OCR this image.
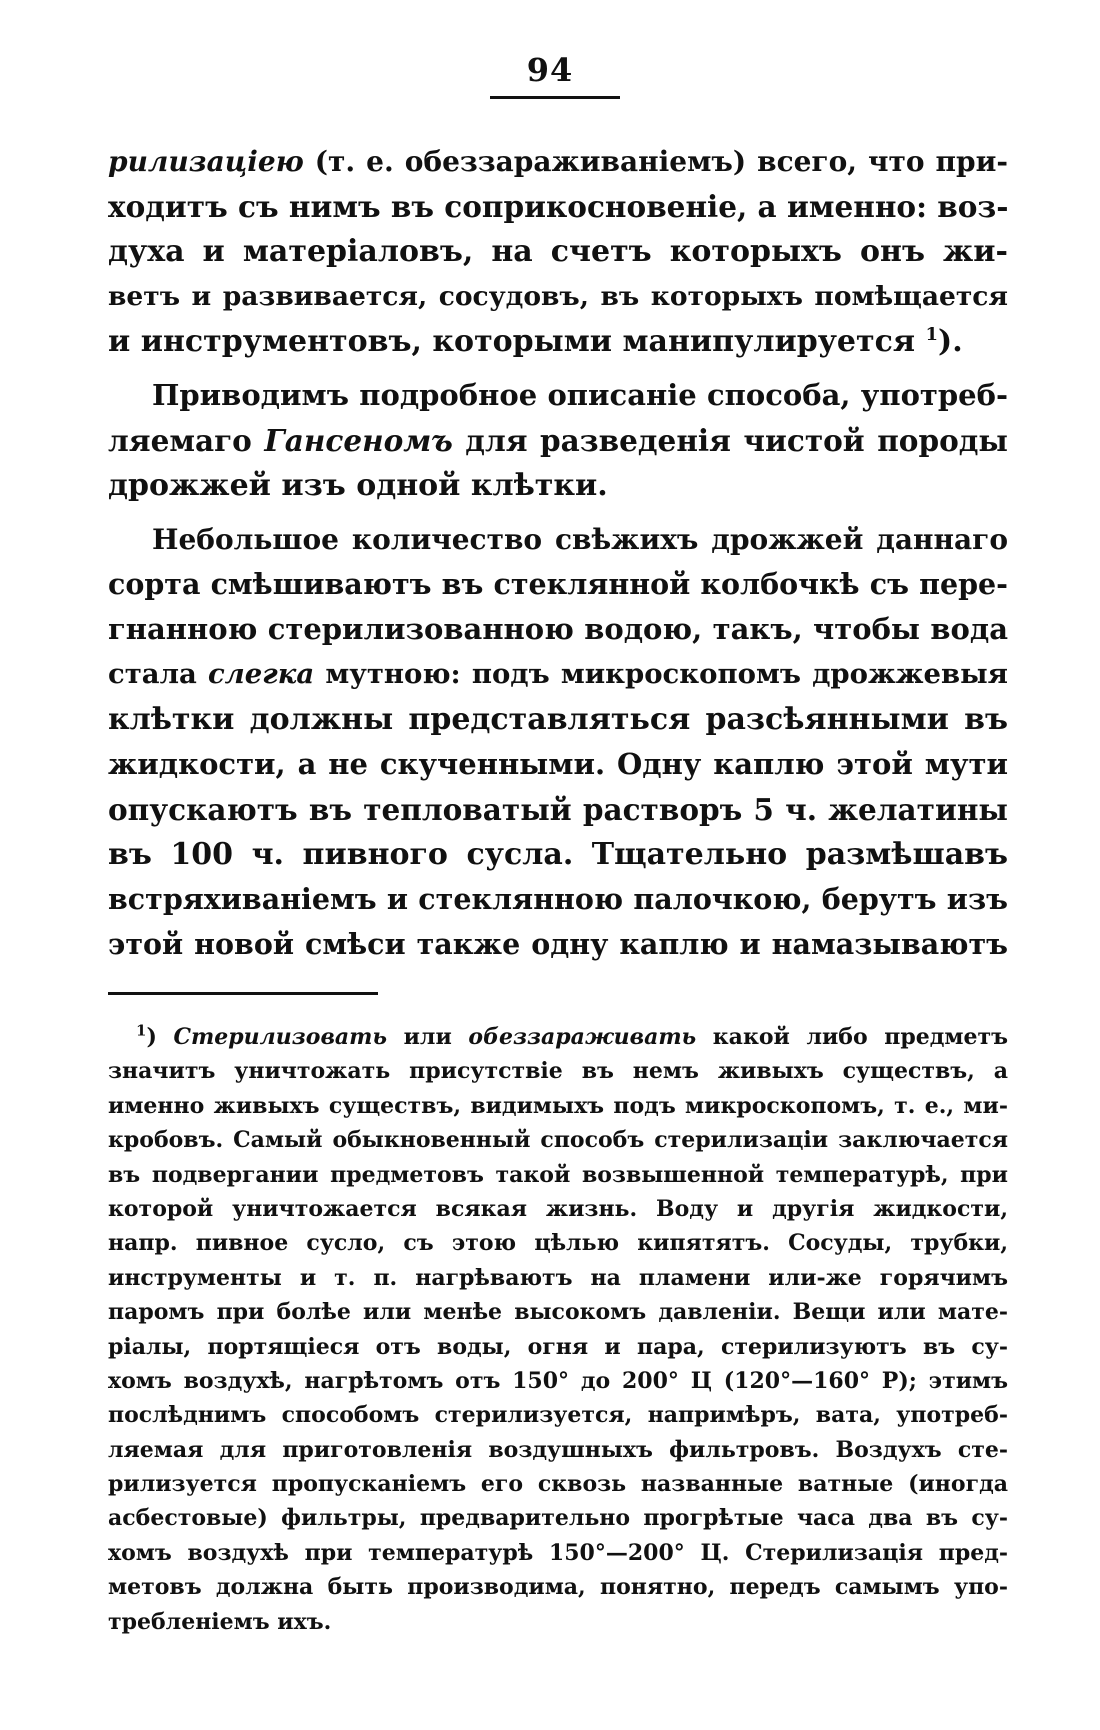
94
рилизацiею (т. е. обеззараживанiемъ) всего, что при-
ходитъ съ нимъ въ соприкосновенiе, а именно: воз-
духа и матерiаловъ, на счетъ которыхъ онъ жи-
ветъ и развивается, сосудовъ, въ которыхъ помѣщается
и инструментовъ, которыми манипулируется $^1$).
Приводимъ подробное описанiе способа, употреб-
ляемаго Гансеномъ для разведенiя чистой породы
дрожжей изъ одной клѣтки.
Небольшое количество свѣжихъ дрожжей даннаго
сорта смѣшиваютъ въ стеклянной колбочкѣ съ пере-
гнанною стерилизованною водою, такъ, чтобы вода
стала слегка мутною: подъ микроскопомъ дрожжевыя
клѣтки должны представляться разсѣянными въ
жидкости, а не скученными. Одну каплю этой мути
опускаютъ въ тепловатый растворъ 5 ч. желатины
въ 100 ч. пивного сусла. Тщательно размѣшавъ
встряхиванiемъ и стеклянною палочкою, берутъ изъ
этой новой смѣси также одну каплю и намазываютъ
$^1$) Стерилизовать или обеззараживать какой либо предметъ
значитъ уничтожать присутствiе въ немъ живыхъ существъ, а
именно живыхъ существъ, видимыхъ подъ микроскопомъ, т. е., ми-
кробовъ. Самый обыкновенный способъ стерилизацiи заключается
въ подвергании предметовъ такой возвышенной температурѣ, при
которой уничтожается всякая жизнь. Воду и другiя жидкости,
напр. пивное сусло, съ этою цѣлью кипятятъ. Сосуды, трубки,
инструменты и т. п. нагрѣваютъ на пламени или-же горячимъ
паромъ при болѣе или менѣе высокомъ давленiи. Вещи или мате-
рiалы, портящiеся отъ воды, огня и пара, стерилизуютъ въ су-
хомъ воздухѣ, нагрѣтомъ отъ 150° до 200° Ц (120°—160° Р); этимъ
послѣднимъ способомъ стерилизуется, напримѣръ, вата, употреб-
ляемая для приготовленiя воздушныхъ фильтровъ. Воздухъ сте-
рилизуется пропусканiемъ его сквозь названные ватные (иногда
асбестовые) фильтры, предварительно прогрѣтые часа два въ су-
хомъ воздухѣ при температурѣ 150°—200° Ц. Стерилизацiя пред-
метовъ должна быть производима, понятно, передъ самымъ упо-
требленiемъ ихъ.
